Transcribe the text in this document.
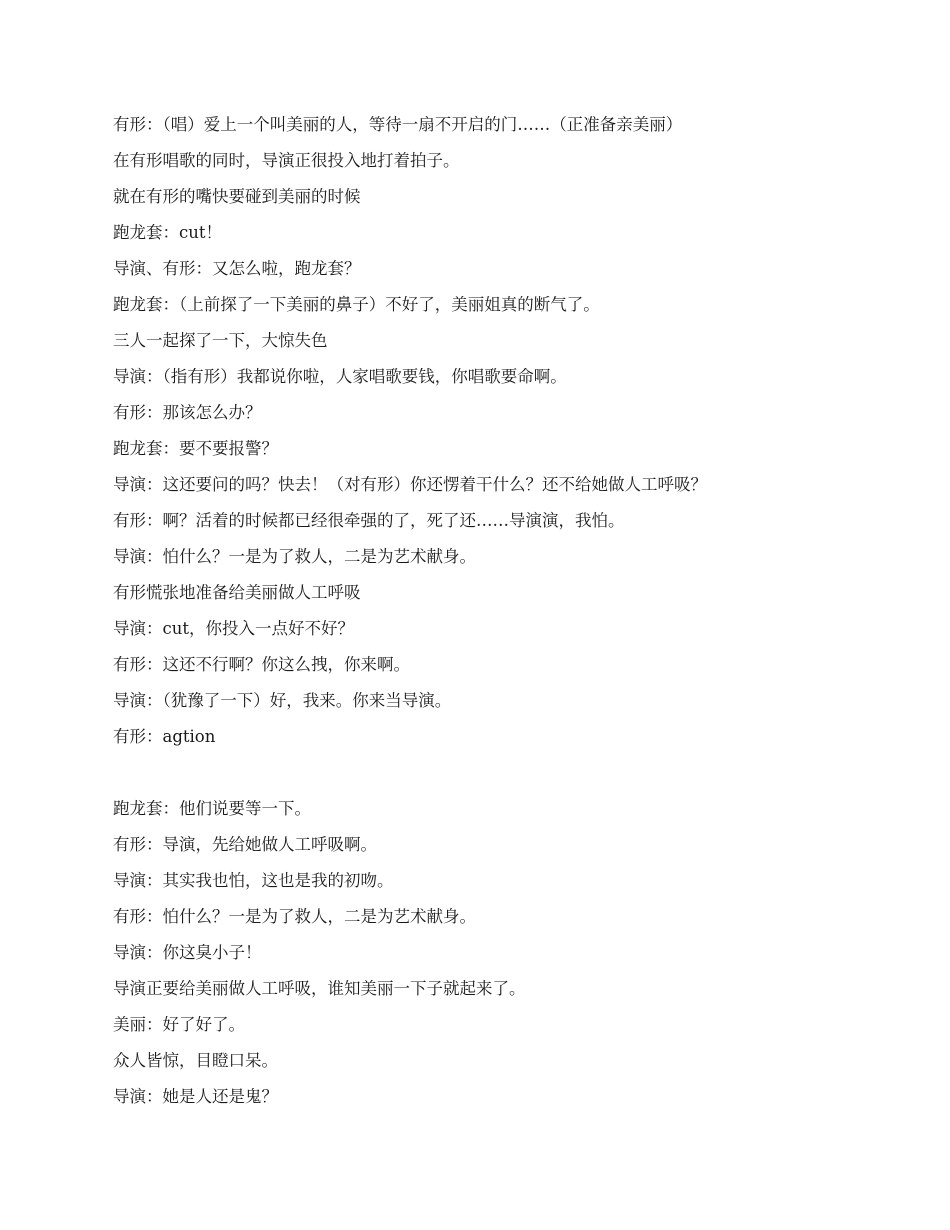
有形：（唱）爱上一个叫美丽的人，等待一扇不开启的门……（正准备亲美丽）
在有形唱歌的同时，导演正很投入地打着拍子。
就在有形的嘴快要碰到美丽的时候
跑龙套：cut！
导演、有形：又怎么啦，跑龙套？
跑龙套：（上前探了一下美丽的鼻子）不好了，美丽姐真的断气了。
三人一起探了一下，大惊失色
导演：（指有形）我都说你啦，人家唱歌要钱，你唱歌要命啊。
有形：那该怎么办？
跑龙套：要不要报警？
导演：这还要问的吗？快去！（对有形）你还愣着干什么？还不给她做人工呼吸？
有形：啊？活着的时候都已经很牵强的了，死了还……导演演，我怕。
导演：怕什么？一是为了救人，二是为艺术献身。
有形慌张地准备给美丽做人工呼吸
导演：cut，你投入一点好不好？
有形：这还不行啊？你这么拽，你来啊。
导演：（犹豫了一下）好，我来。你来当导演。
有形：agtion
跑龙套：他们说要等一下。
有形：导演，先给她做人工呼吸啊。
导演：其实我也怕，这也是我的初吻。
有形：怕什么？一是为了救人，二是为艺术献身。
导演：你这臭小子！
导演正要给美丽做人工呼吸，谁知美丽一下子就起来了。
美丽：好了好了。
众人皆惊，目瞪口呆。
导演：她是人还是鬼？
